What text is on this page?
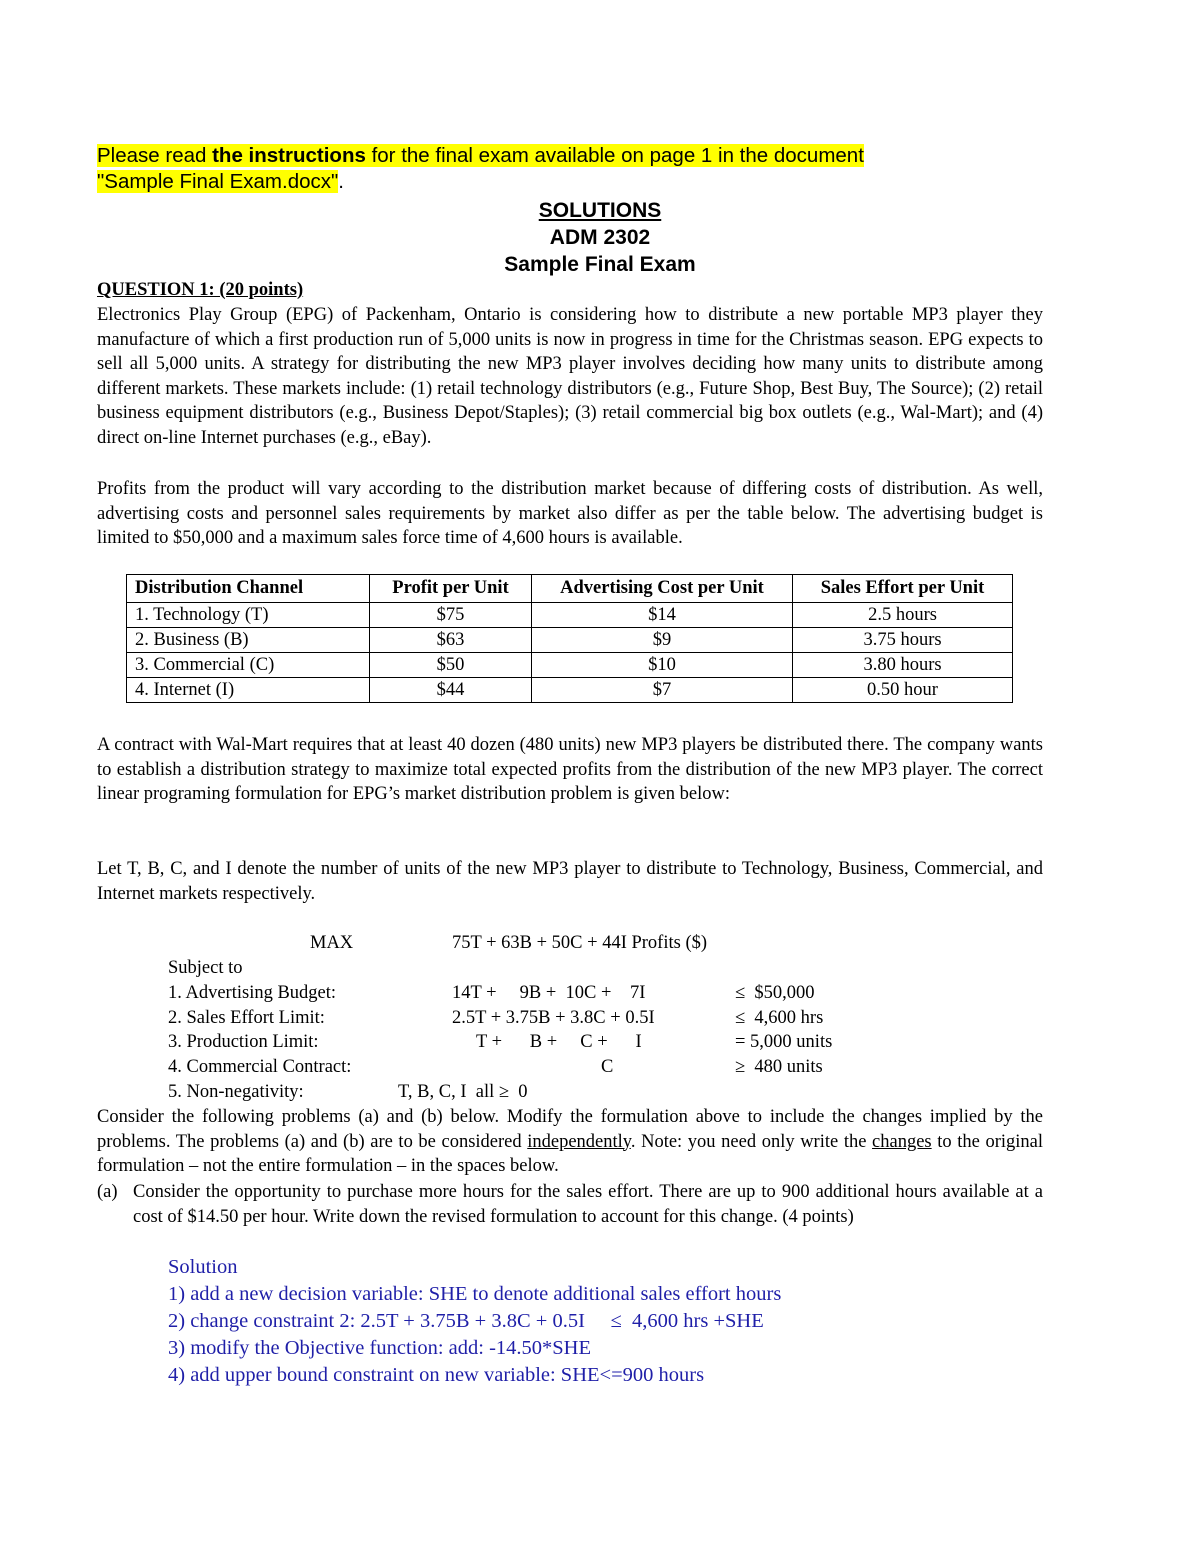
Please read the instructions for the final exam available on page 1 in the document
"Sample Final Exam.docx".
SOLUTIONS
ADM 2302
Sample Final Exam
QUESTION 1: (20 points)
Electronics Play Group (EPG) of Packenham, Ontario is considering how to distribute a new portable MP3 player they manufacture of which a first production run of 5,000 units is now in progress in time for the Christmas season. EPG expects to sell all 5,000 units. A strategy for distributing the new MP3 player involves deciding how many units to distribute among different markets. These markets include: (1) retail technology distributors (e.g., Future Shop, Best Buy, The Source); (2) retail business equipment distributors (e.g., Business Depot/Staples); (3) retail commercial big box outlets (e.g., Wal-Mart); and (4) direct on-line Internet purchases (e.g., eBay).
Profits from the product will vary according to the distribution market because of differing costs of distribution. As well, advertising costs and personnel sales requirements by market also differ as per the table below. The advertising budget is limited to $50,000 and a maximum sales force time of 4,600 hours is available.
Distribution Channel	Profit per Unit	Advertising Cost per Unit	Sales Effort per Unit
1. Technology (T)	$75	$14	2.5 hours
2. Business (B)	$63	$9	3.75 hours
3. Commercial (C)	$50	$10	3.80 hours
4. Internet (I)	$44	$7	0.50 hour
A contract with Wal-Mart requires that at least 40 dozen (480 units) new MP3 players be distributed there. The company wants to establish a distribution strategy to maximize total expected profits from the distribution of the new MP3 player. The correct linear programing formulation for EPG’s market distribution problem is given below:
Let T, B, C, and I denote the number of units of the new MP3 player to distribute to Technology, Business, Commercial, and Internet markets respectively.
MAX	75T + 63B + 50C + 44I Profits ($)
Subject to
1. Advertising Budget:	14T +     9B +  10C +    7I	≤  $50,000
2. Sales Effort Limit:	2.5T + 3.75B + 3.8C + 0.5I	≤  4,600 hrs
3. Production Limit:	T +      B +     C +      I	= 5,000 units
4. Commercial Contract:	C	≥  480 units
5. Non-negativity:	T, B, C, I  all ≥  0
Consider the following problems (a) and (b) below. Modify the formulation above to include the changes implied by the problems. The problems (a) and (b) are to be considered independently. Note: you need only write the changes to the original formulation – not the entire formulation – in the spaces below.
(a) Consider the opportunity to purchase more hours for the sales effort. There are up to 900 additional hours available at a cost of $14.50 per hour. Write down the revised formulation to account for this change. (4 points)
Solution
1) add a new decision variable: SHE to denote additional sales effort hours
2) change constraint 2: 2.5T + 3.75B + 3.8C + 0.5I     ≤  4,600 hrs +SHE
3) modify the Objective function: add: -14.50*SHE
4) add upper bound constraint on new variable: SHE<=900 hours
